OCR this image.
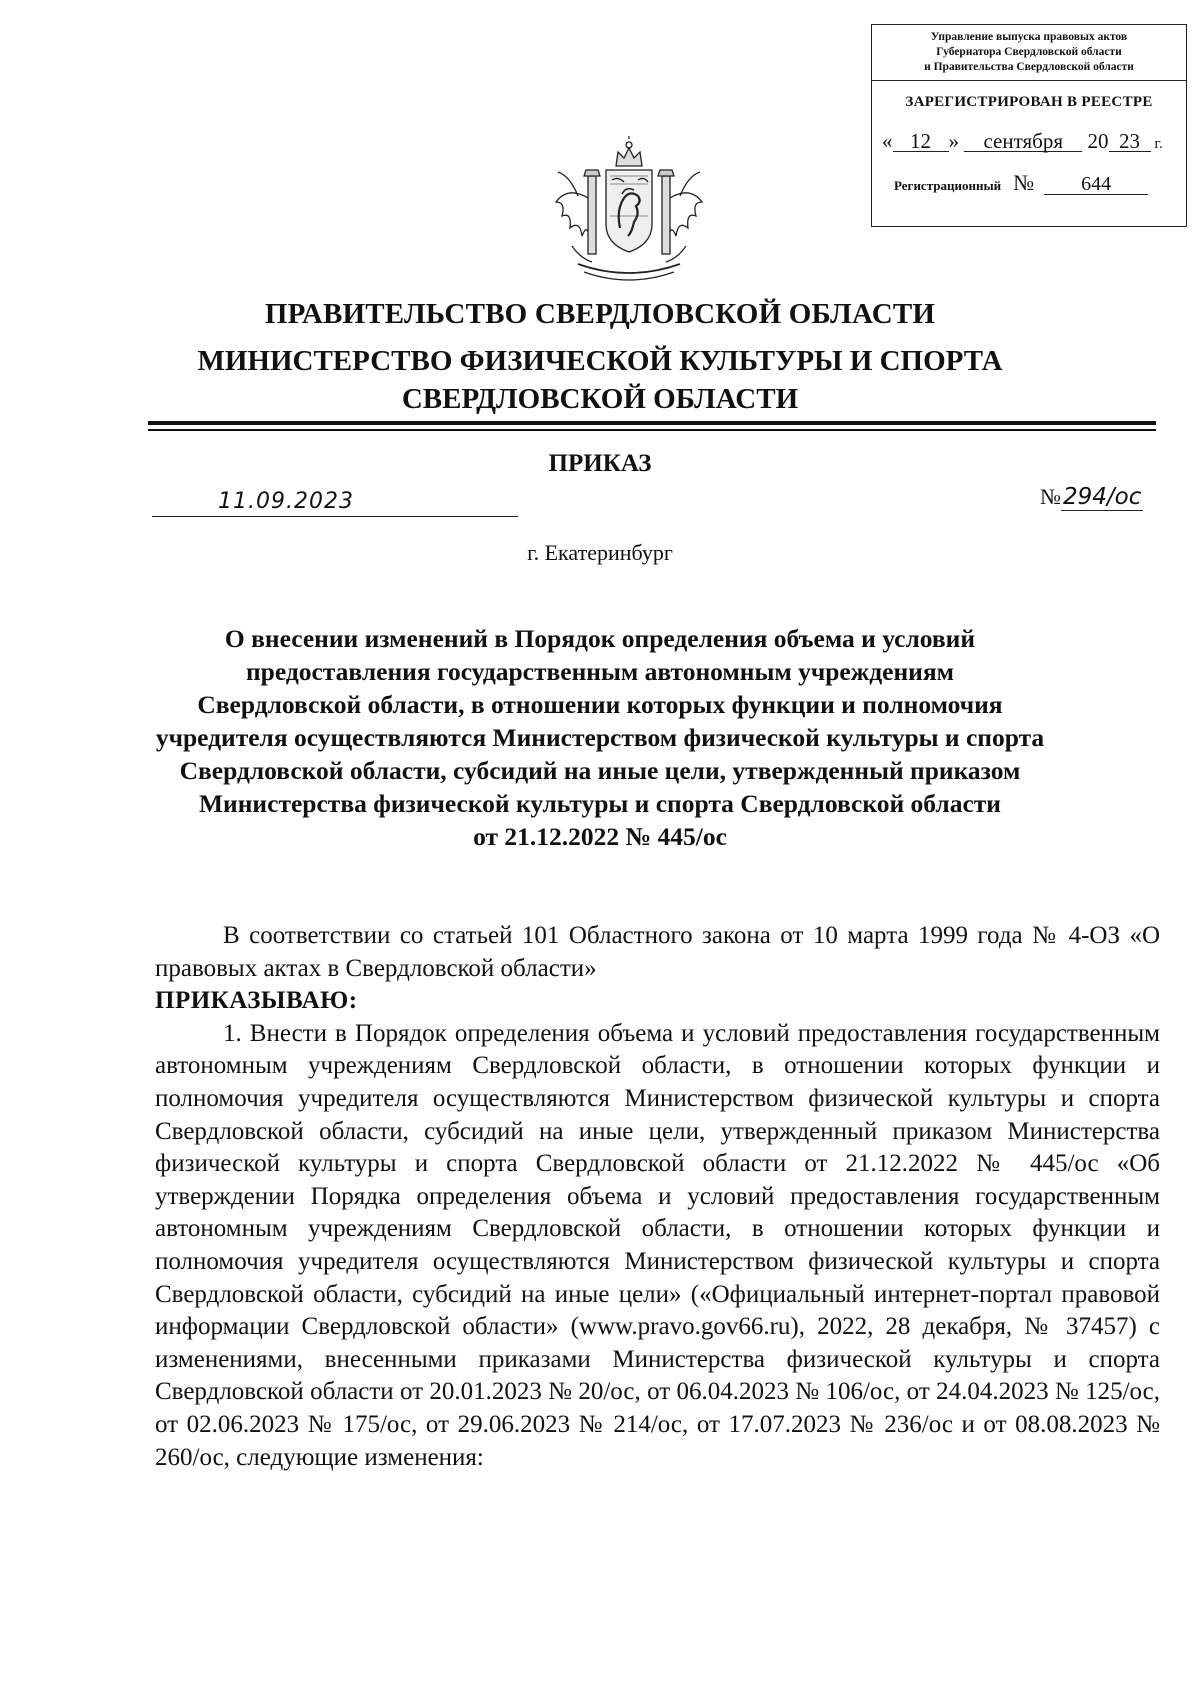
Управление выпуска правовых актов
Губернатора Свердловской области
и Правительства Свердловской области
ЗАРЕГИСТРИРОВАН В РЕЕСТРЕ
« 12 » сентября 20 23 г.
Регистрационный № 644
ПРАВИТЕЛЬСТВО СВЕРДЛОВСКОЙ ОБЛАСТИ
МИНИСТЕРСТВО ФИЗИЧЕСКОЙ КУЛЬТУРЫ И СПОРТА
СВЕРДЛОВСКОЙ ОБЛАСТИ
ПРИКАЗ
11.09.2023	№294/ос
г. Екатеринбург
О внесении изменений в Порядок определения объема и условий
предоставления государственным автономным учреждениям
Свердловской области, в отношении которых функции и полномочия
учредителя осуществляются Министерством физической культуры и спорта
Свердловской области, субсидий на иные цели, утвержденный приказом
Министерства физической культуры и спорта Свердловской области
от 21.12.2022 № 445/ос

В соответствии со статьей 101 Областного закона от 10 марта 1999 года № 4-ОЗ «О правовых актах в Свердловской области»

ПРИКАЗЫВАЮ:

1. Внести в Порядок определения объема и условий предоставления государственным автономным учреждениям Свердловской области, в отношении которых функции и полномочия учредителя осуществляются Министерством физической культуры и спорта Свердловской области, субсидий на иные цели, утвержденный приказом Министерства физической культуры и спорта Свердловской области от 21.12.2022 № 445/ос «Об утверждении Порядка определения объема и условий предоставления государственным автономным учреждениям Свердловской области, в отношении которых функции и полномочия учредителя осуществляются Министерством физической культуры и спорта Свердловской области, субсидий на иные цели» («Официальный интернет-портал правовой информации Свердловской области» (www.pravo.gov66.ru), 2022, 28 декабря, № 37457) с изменениями, внесенными приказами Министерства физической культуры и спорта Свердловской области от 20.01.2023 № 20/ос, от 06.04.2023 № 106/ос, от 24.04.2023 № 125/ос, от 02.06.2023 № 175/ос, от 29.06.2023 № 214/ос, от 17.07.2023 № 236/ос и от 08.08.2023 № 260/ос, следующие изменения:
